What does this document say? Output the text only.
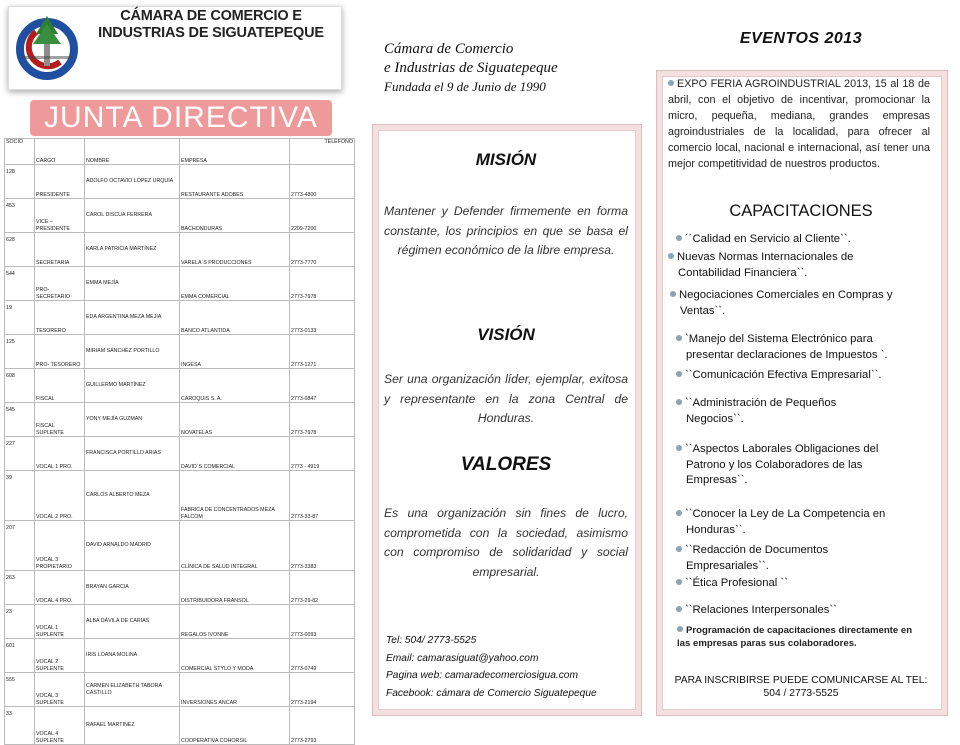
CÁMARA DE COMERCIO E
INDUSTRIAS DE SIGUATEPEQUE
JUNTA DIRECTIVA
SOCIO	CARGO	NOMBRE	EMPRESA	TELEFONO
128	PRESIDENTE	ADOLFO OCTAVIO LÓPEZ URQUÍA	RESTAURANTE ADOBES	2773-4800
453	VICE – PRESIDENTE	CAROL DISCUA FERRERA	BACHONDURAS	2209-7200
628	SECRETARIA	KARLA PATRICIA MARTÍNEZ	VARELA´S PRODUCCIONES	2773-7770
544	PRO- SECRETARIO	EMMA MEJÍA	EMMA COMERCIAL	2773-7978
19	TESORERO	EDA ARGENTINA MEZA MEJIA	BANCO ATLANTIDA	2773-0133
125	PRO- TESORERO	MIRIAM SÁNCHEZ PORTILLO	INGESA	2773-1271
608	FISCAL	GUILLERMO MARTÍNEZ	CAROQUIS S. A.	2773-0847
545	FISCAL SUPLENTE	YONY MEJÍA GUZMAN	NOVATELAS	2773-7978
227	VOCAL 1 PRO.	FRANCISCA PORTILLO ARIAS	DAVID´S COMERCIAL	2773 - 4919
39	VOCAL 2 PRO.	CARLOS ALBERTO MEZA	FABRICA DE CONCENTRADOS MEZA FALCOM	2773-33-87
207	VOCAL 3 PROPIETARIO	DAVID ARNALDO MADRID	CLÍNICA DE SALUD INTEGRAL	2773-3383
263	VOCAL 4 PRO.	BRAYAN GARCIA	DISTRIBUIDORA FRANSOL	2773-29-82
23	VOCAL 1 SUPLENTE	ALBA DÁVILA DE CARIAS	REGALOS IVONNE	2773-0093
601	VOCAL 2 SUPLENTE	IRIS LOANA MOLINA	COMERCIAL STYLO Y MODA	2773-0749
555	VOCAL 3 SUPLENTE	CARMEN ELIZABETH TABORA CASTILLO	INVERSIONES ANCAR	2773-2194
33	VOCAL 4 SUPLENTE	RAFAEL MARTINEZ	COOPERATIVA COHORSIL	2773-2793
Cámara de Comercio
e Industrias de Siguatepeque
Fundada el 9 de Junio de 1990
MISIÓN
Mantener y Defender firmemente en forma constante, los principios en que se basa el régimen económico de la libre empresa.
VISIÓN
Ser una organización líder, ejemplar, exitosa y representante en la zona Central de Honduras.
VALORES
Es una organización sin fines de lucro, comprometida con la sociedad, asimismo con compromiso de solidaridad y social empresarial.
Tel: 504/ 2773-5525
Email: camarasiguat@yahoo.com
Pagina web: camaradecomerciosigua.com
Facebook: cámara de Comercio Siguatepeque
EVENTOS 2013
EXPO FERIA AGROINDUSTRIAL 2013, 15 al 18 de abril, con el objetivo de incentivar, promocionar la micro, pequeña, mediana, grandes empresas agroindustriales de la localidad, para ofrecer al comercio local, nacional e internacional, así tener una mejor competitividad de nuestros productos.
CAPACITACIONES
´´Calidad en Servicio al Cliente``.
Nuevas Normas Internacionales de
Contabilidad Financiera``.
Negociaciones Comerciales en Compras y
Ventas``.
`Manejo del Sistema Electrónico para
presentar declaraciones de Impuestos `.
``Comunicación Efectiva Empresarial``.
``Administración de Pequeños
Negocios``.
``Aspectos Laborales Obligaciones del
Patrono y los Colaboradores de las
Empresas``.
``Conocer la Ley de La Competencia en
Honduras``.
``Redacción de Documentos
Empresariales``.
``Ética Profesional ``
``Relaciones Interpersonales``
Programación de capacitaciones directamente en las empresas paras sus colaboradores.
PARA INSCRIBIRSE PUEDE COMUNICARSE AL TEL:
504 / 2773-5525
